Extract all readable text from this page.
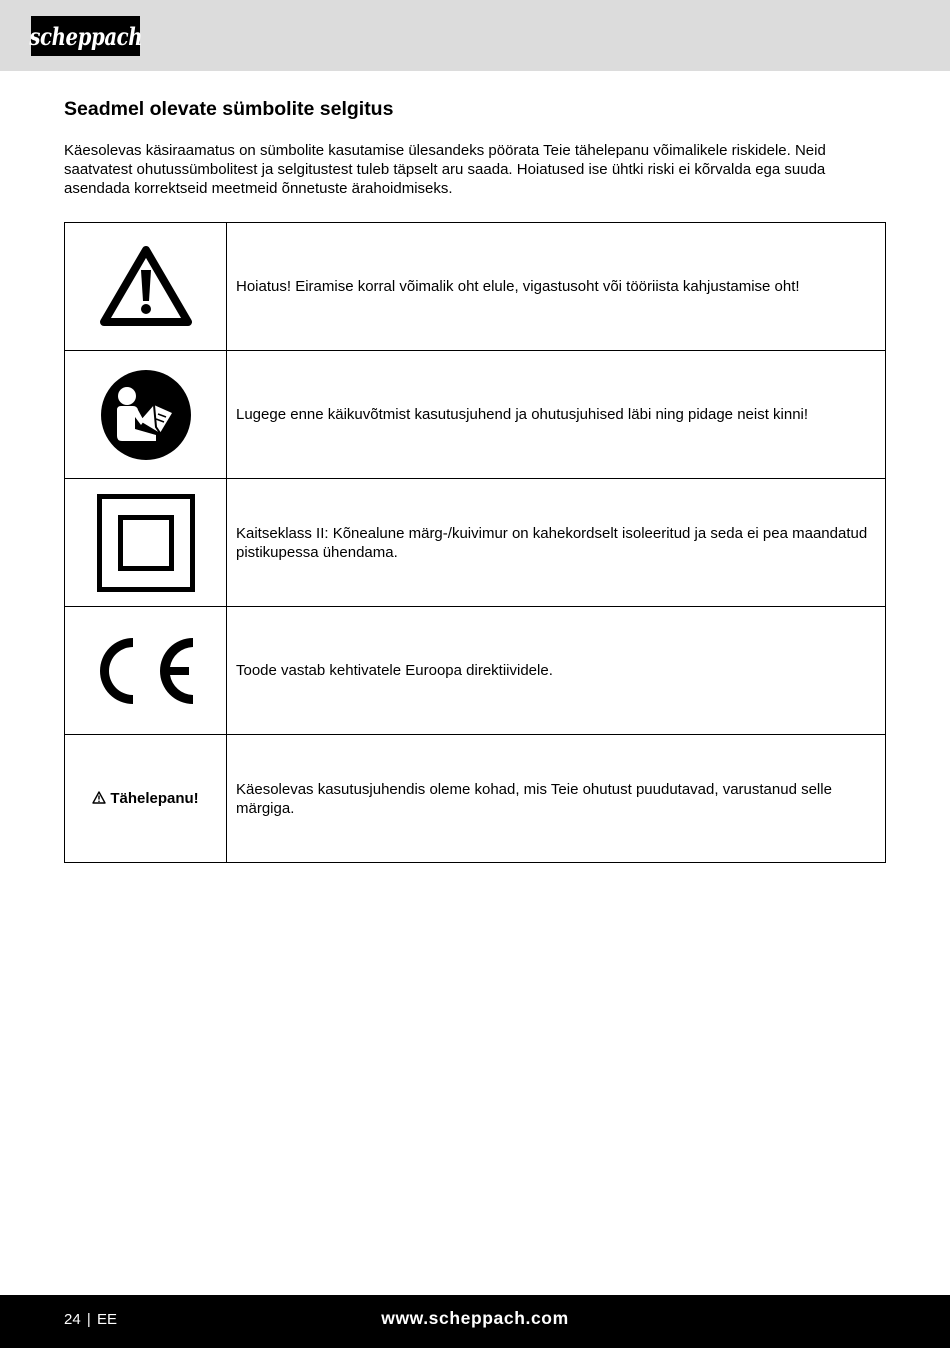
scheppach
Seadmel olevate sümbolite selgitus

Käesolevas käsiraamatus on sümbolite kasutamise ülesandeks pöörata Teie tähelepanu võimalikele riskidele. Neid saatvatest ohutussümbolitest ja selgitustest tuleb täpselt aru saada. Hoiatused ise ühtki riski ei kõrvalda ega suuda asendada korrektseid meetmeid õnnetuste ärahoidmiseks.

	Hoiatus! Eiramise korral võimalik oht elule, vigastusoht või tööriista kahjustamise oht!

	Lugege enne käikuvõtmist kasutusjuhend ja ohutusjuhised läbi ning pidage neist kinni!

	Kaitseklass II: Kõnealune märg-/kuivimur on kahekordselt isoleeritud ja seda ei pea maandatud pistikupessa ühendama.

	Toode vastab kehtivatele Euroopa direktiividele.
Tähelepanu!	Käesolevas kasutusjuhendis oleme kohad, mis Teie ohutust puudutavad, varustanud selle märgiga.
24 | EE	www.scheppach.com
